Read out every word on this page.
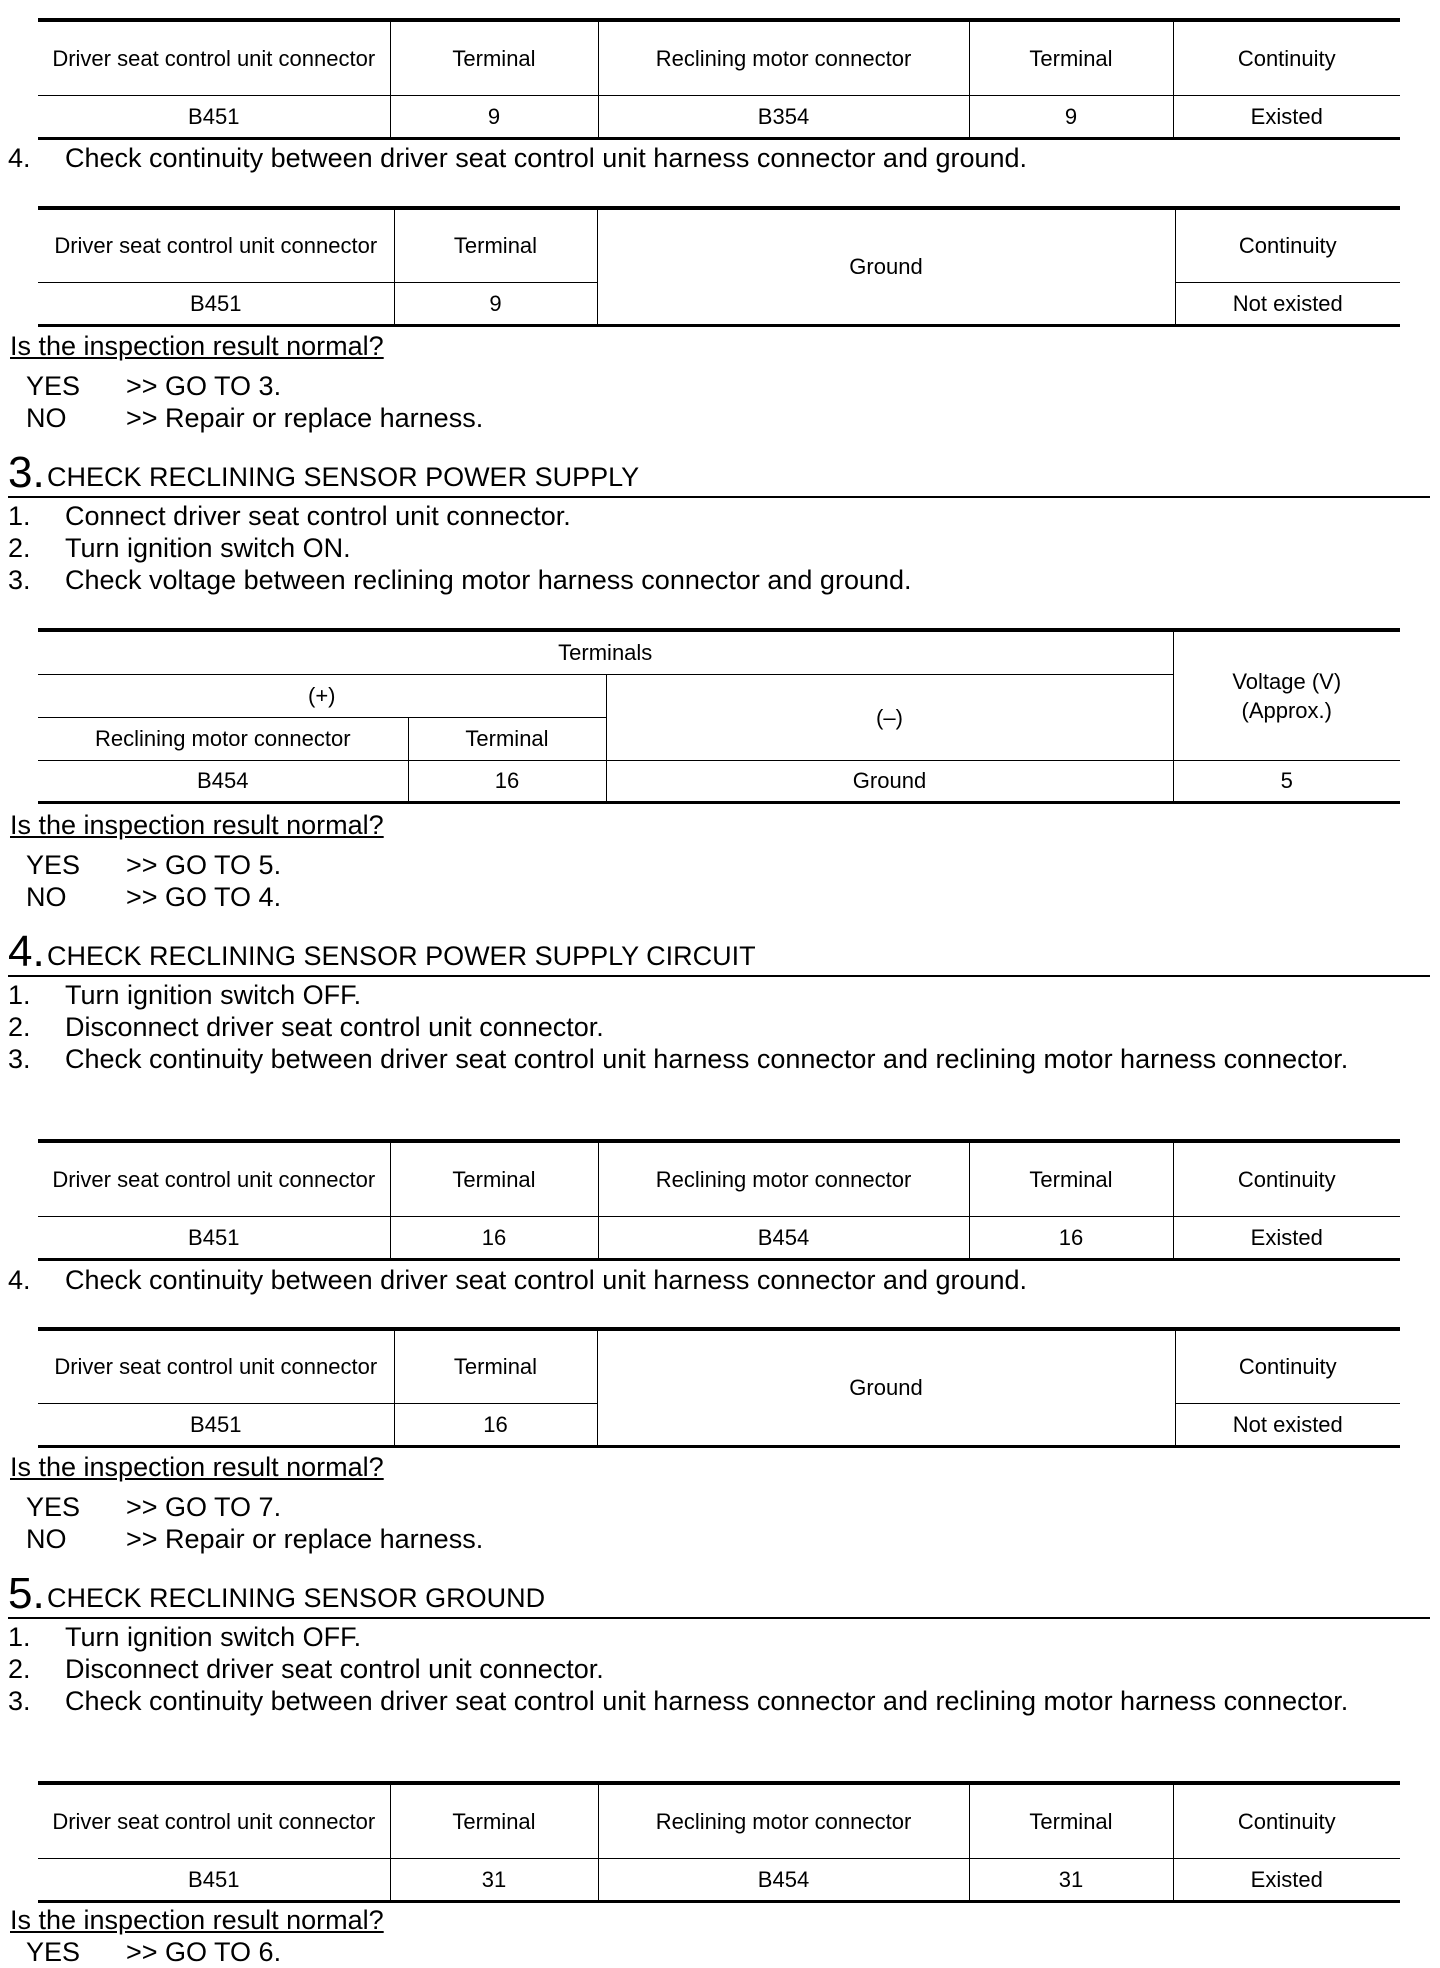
Driver seat control unit connector	Terminal	Reclining motor connector	Terminal	Continuity
B451	9	B354	9	Existed
4. Check continuity between driver seat control unit harness connector and ground.
Driver seat control unit connector	Terminal	Ground	Continuity
B451	9		Not existed
Is the inspection result normal?
YES >> GO TO 3.
NO >> Repair or replace harness.
3. CHECK RECLINING SENSOR POWER SUPPLY
1. Connect driver seat control unit connector.
2. Turn ignition switch ON.
3. Check voltage between reclining motor harness connector and ground.
Terminals			Voltage (V)
(Approx.)
(+)		(–)	
Reclining motor connector	Terminal		
B454	16	Ground	5
Is the inspection result normal?
YES >> GO TO 5.
NO >> GO TO 4.
4. CHECK RECLINING SENSOR POWER SUPPLY CIRCUIT
1. Turn ignition switch OFF.
2. Disconnect driver seat control unit connector.
3. Check continuity between driver seat control unit harness connector and reclining motor harness connector.
Driver seat control unit connector	Terminal	Reclining motor connector	Terminal	Continuity
B451	16	B454	16	Existed
4. Check continuity between driver seat control unit harness connector and ground.
Driver seat control unit connector	Terminal	Ground	Continuity
B451	16		Not existed
Is the inspection result normal?
YES >> GO TO 7.
NO >> Repair or replace harness.
5. CHECK RECLINING SENSOR GROUND
1. Turn ignition switch OFF.
2. Disconnect driver seat control unit connector.
3. Check continuity between driver seat control unit harness connector and reclining motor harness connector.
Driver seat control unit connector	Terminal	Reclining motor connector	Terminal	Continuity
B451	31	B454	31	Existed
Is the inspection result normal?
YES >> GO TO 6.
